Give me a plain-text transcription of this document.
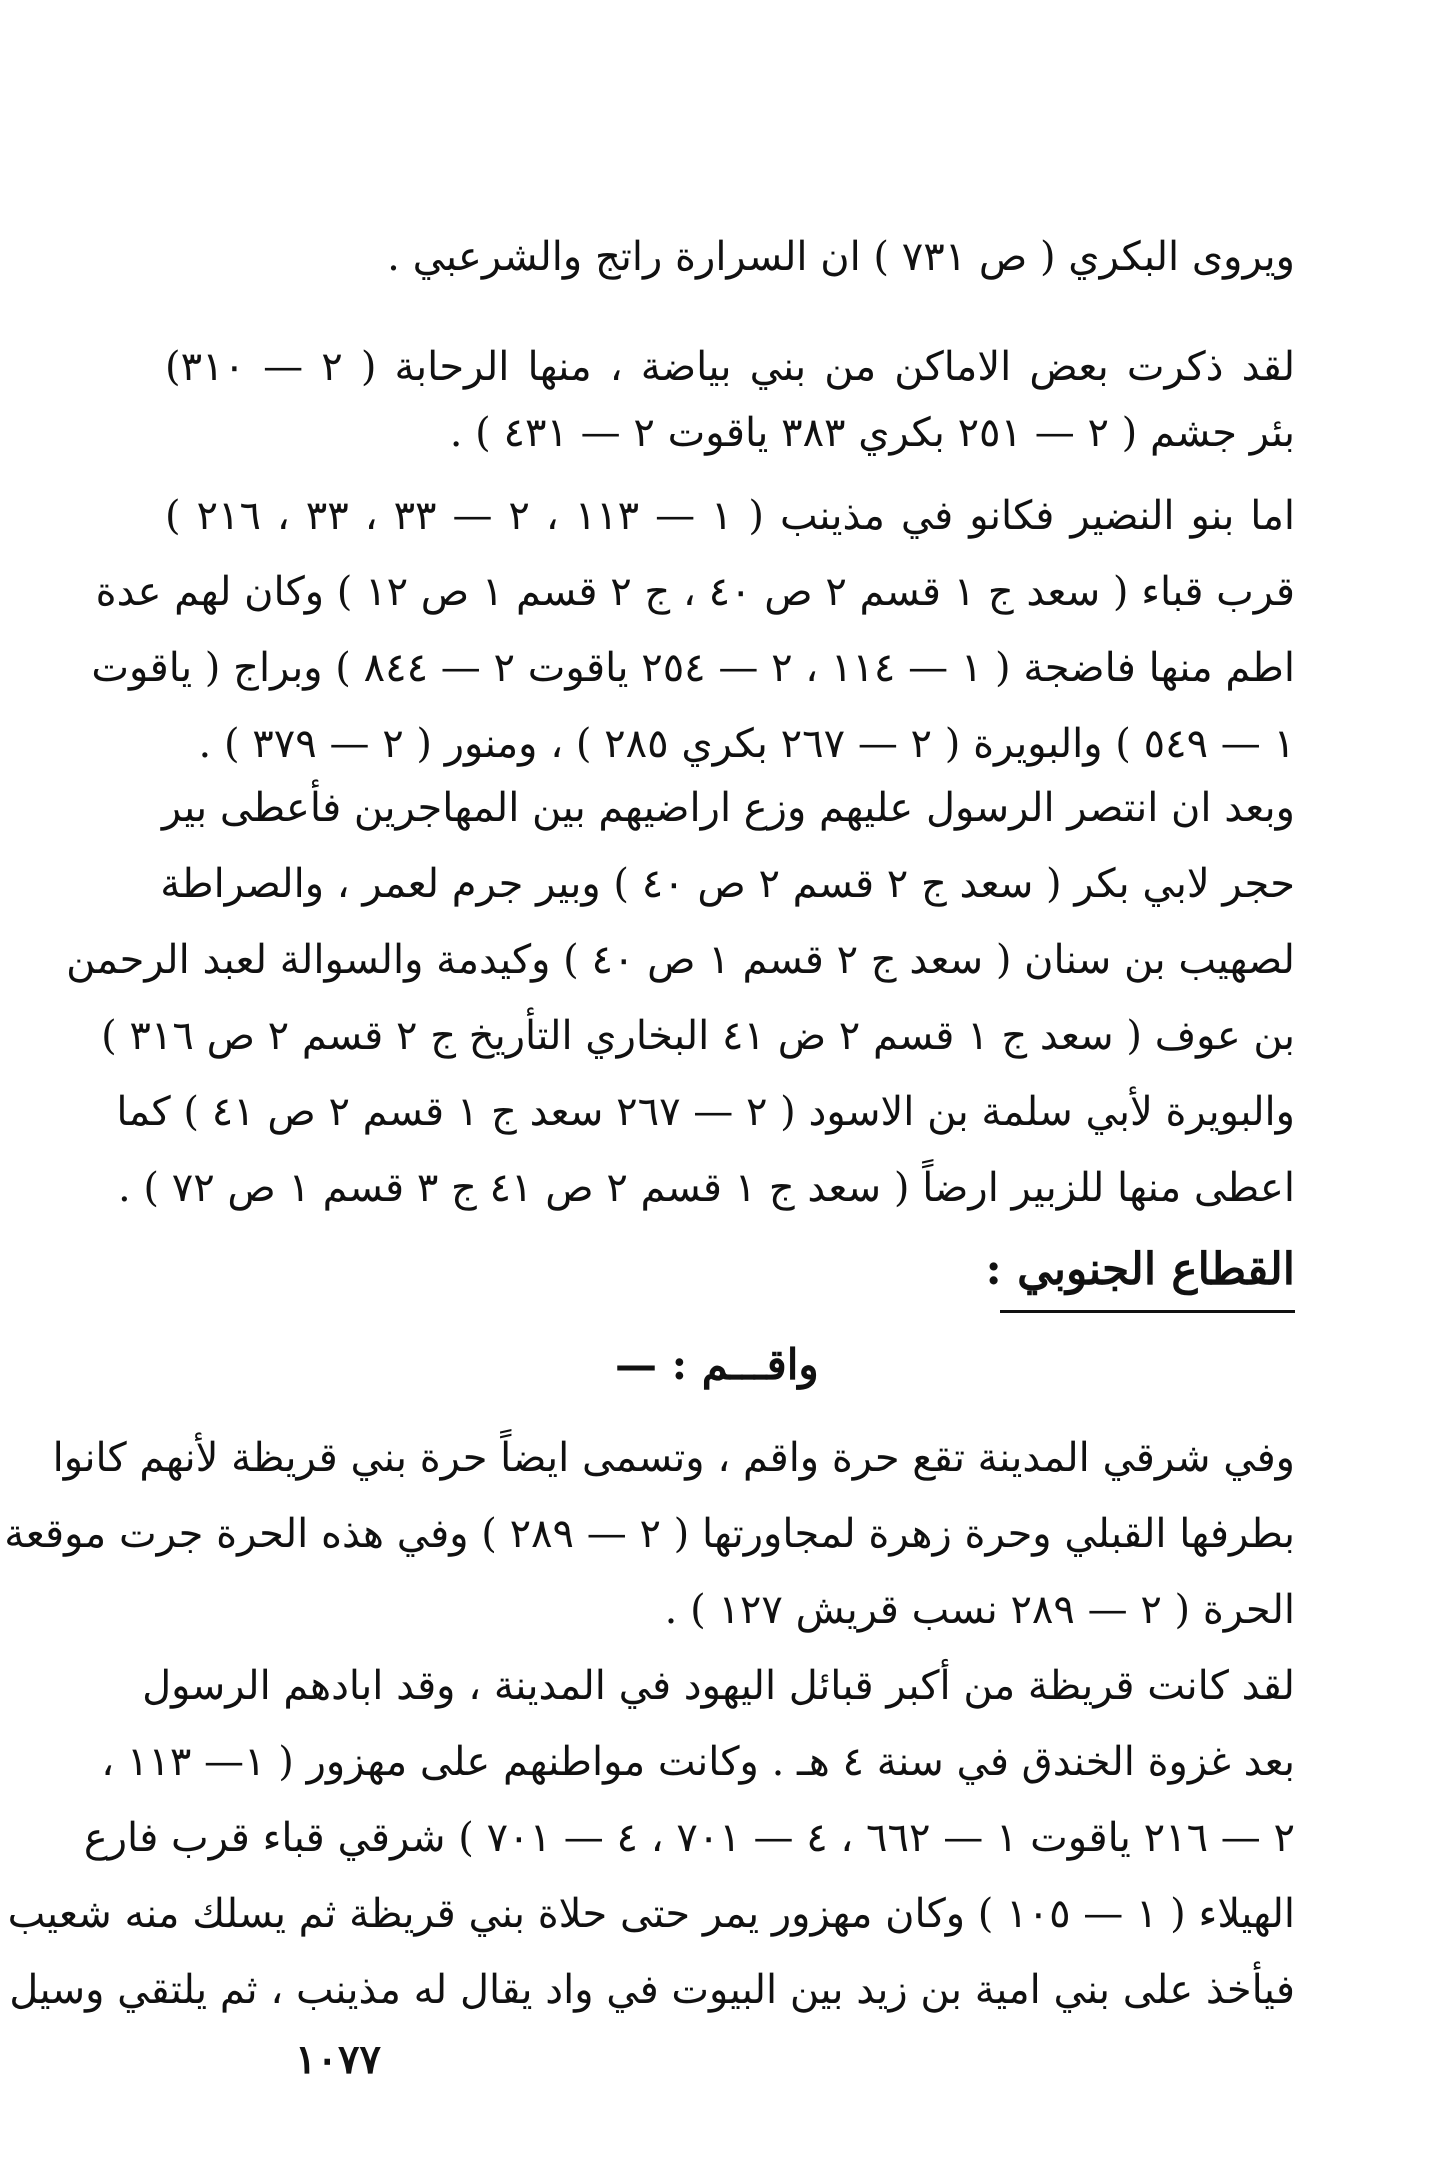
ويروى البكري ( ص ٧٣١ ) ان السرارة راتج والشرعبي .
لقد ذكرت بعض الاماكن من بني بياضة ، منها الرحابة ( ٢ — ٣١٠)
بئر جشم ( ٢ — ٢٥١ بكري ٣٨٣ ياقوت ٢ — ٤٣١ ) .
اما بنو النضير فكانو في مذينب ( ١ — ١١٣ ، ٢ — ٣٣ ، ٣٣ ، ٢١٦ )
قرب قباء ( سعد ج ١ قسم ٢ ص ٤٠ ، ج ٢ قسم ١ ص ١٢ ) وكان لهم عدة
اطم منها فاضجة ( ١ — ١١٤ ، ٢ — ٢٥٤ ياقوت ٢ — ٨٤٤ ) وبراج ( ياقوت
١ — ٥٤٩ ) والبويرة ( ٢ — ٢٦٧ بكري ٢٨٥ ) ، ومنور ( ٢ — ٣٧٩ ) .
وبعد ان انتصر الرسول عليهم وزع اراضيهم بين المهاجرين فأعطى بير
حجر لابي بكر ( سعد ج ٢ قسم ٢ ص ٤٠ ) وبير جرم لعمر ، والصراطة
لصهيب بن سنان ( سعد ج ٢ قسم ١ ص ٤٠ ) وكيدمة والسوالة لعبد الرحمن
بن عوف ( سعد ج ١ قسم ٢ ض ٤١ البخاري التأريخ ج ٢ قسم ٢ ص ٣١٦ )
والبويرة لأبي سلمة بن الاسود ( ٢ — ٢٦٧ سعد ج ١ قسم ٢ ص ٤١ ) كما
اعطى منها للزبير ارضاً ( سعد ج ١ قسم ٢ ص ٤١ ج ٣ قسم ١ ص ٧٢ ) .
القطاع الجنوبي :
واقـــم : —
وفي شرقي المدينة تقع حرة واقم ، وتسمى ايضاً حرة بني قريظة لأنهم كانوا
بطرفها القبلي وحرة زهرة لمجاورتها ( ٢ — ٢٨٩ ) وفي هذه الحرة جرت موقعة
الحرة ( ٢ — ٢٨٩ نسب قريش ١٢٧ ) .
لقد كانت قريظة من أكبر قبائل اليهود في المدينة ، وقد ابادهم الرسول
بعد غزوة الخندق في سنة ٤ هـ . وكانت مواطنهم على مهزور ( ١— ١١٣ ،
٢ — ٢١٦ ياقوت ١ — ٦٦٢ ، ٤ — ٧٠١ ، ٤ — ٧٠١ ) شرقي قباء قرب فارع
الهيلاء ( ١ — ١٠٥ ) وكان مهزور يمر حتى حلاة بني قريظة ثم يسلك منه شعيب
فيأخذ على بني امية بن زيد بين البيوت في واد يقال له مذينب ، ثم يلتقي وسيل
١٠٧٧
